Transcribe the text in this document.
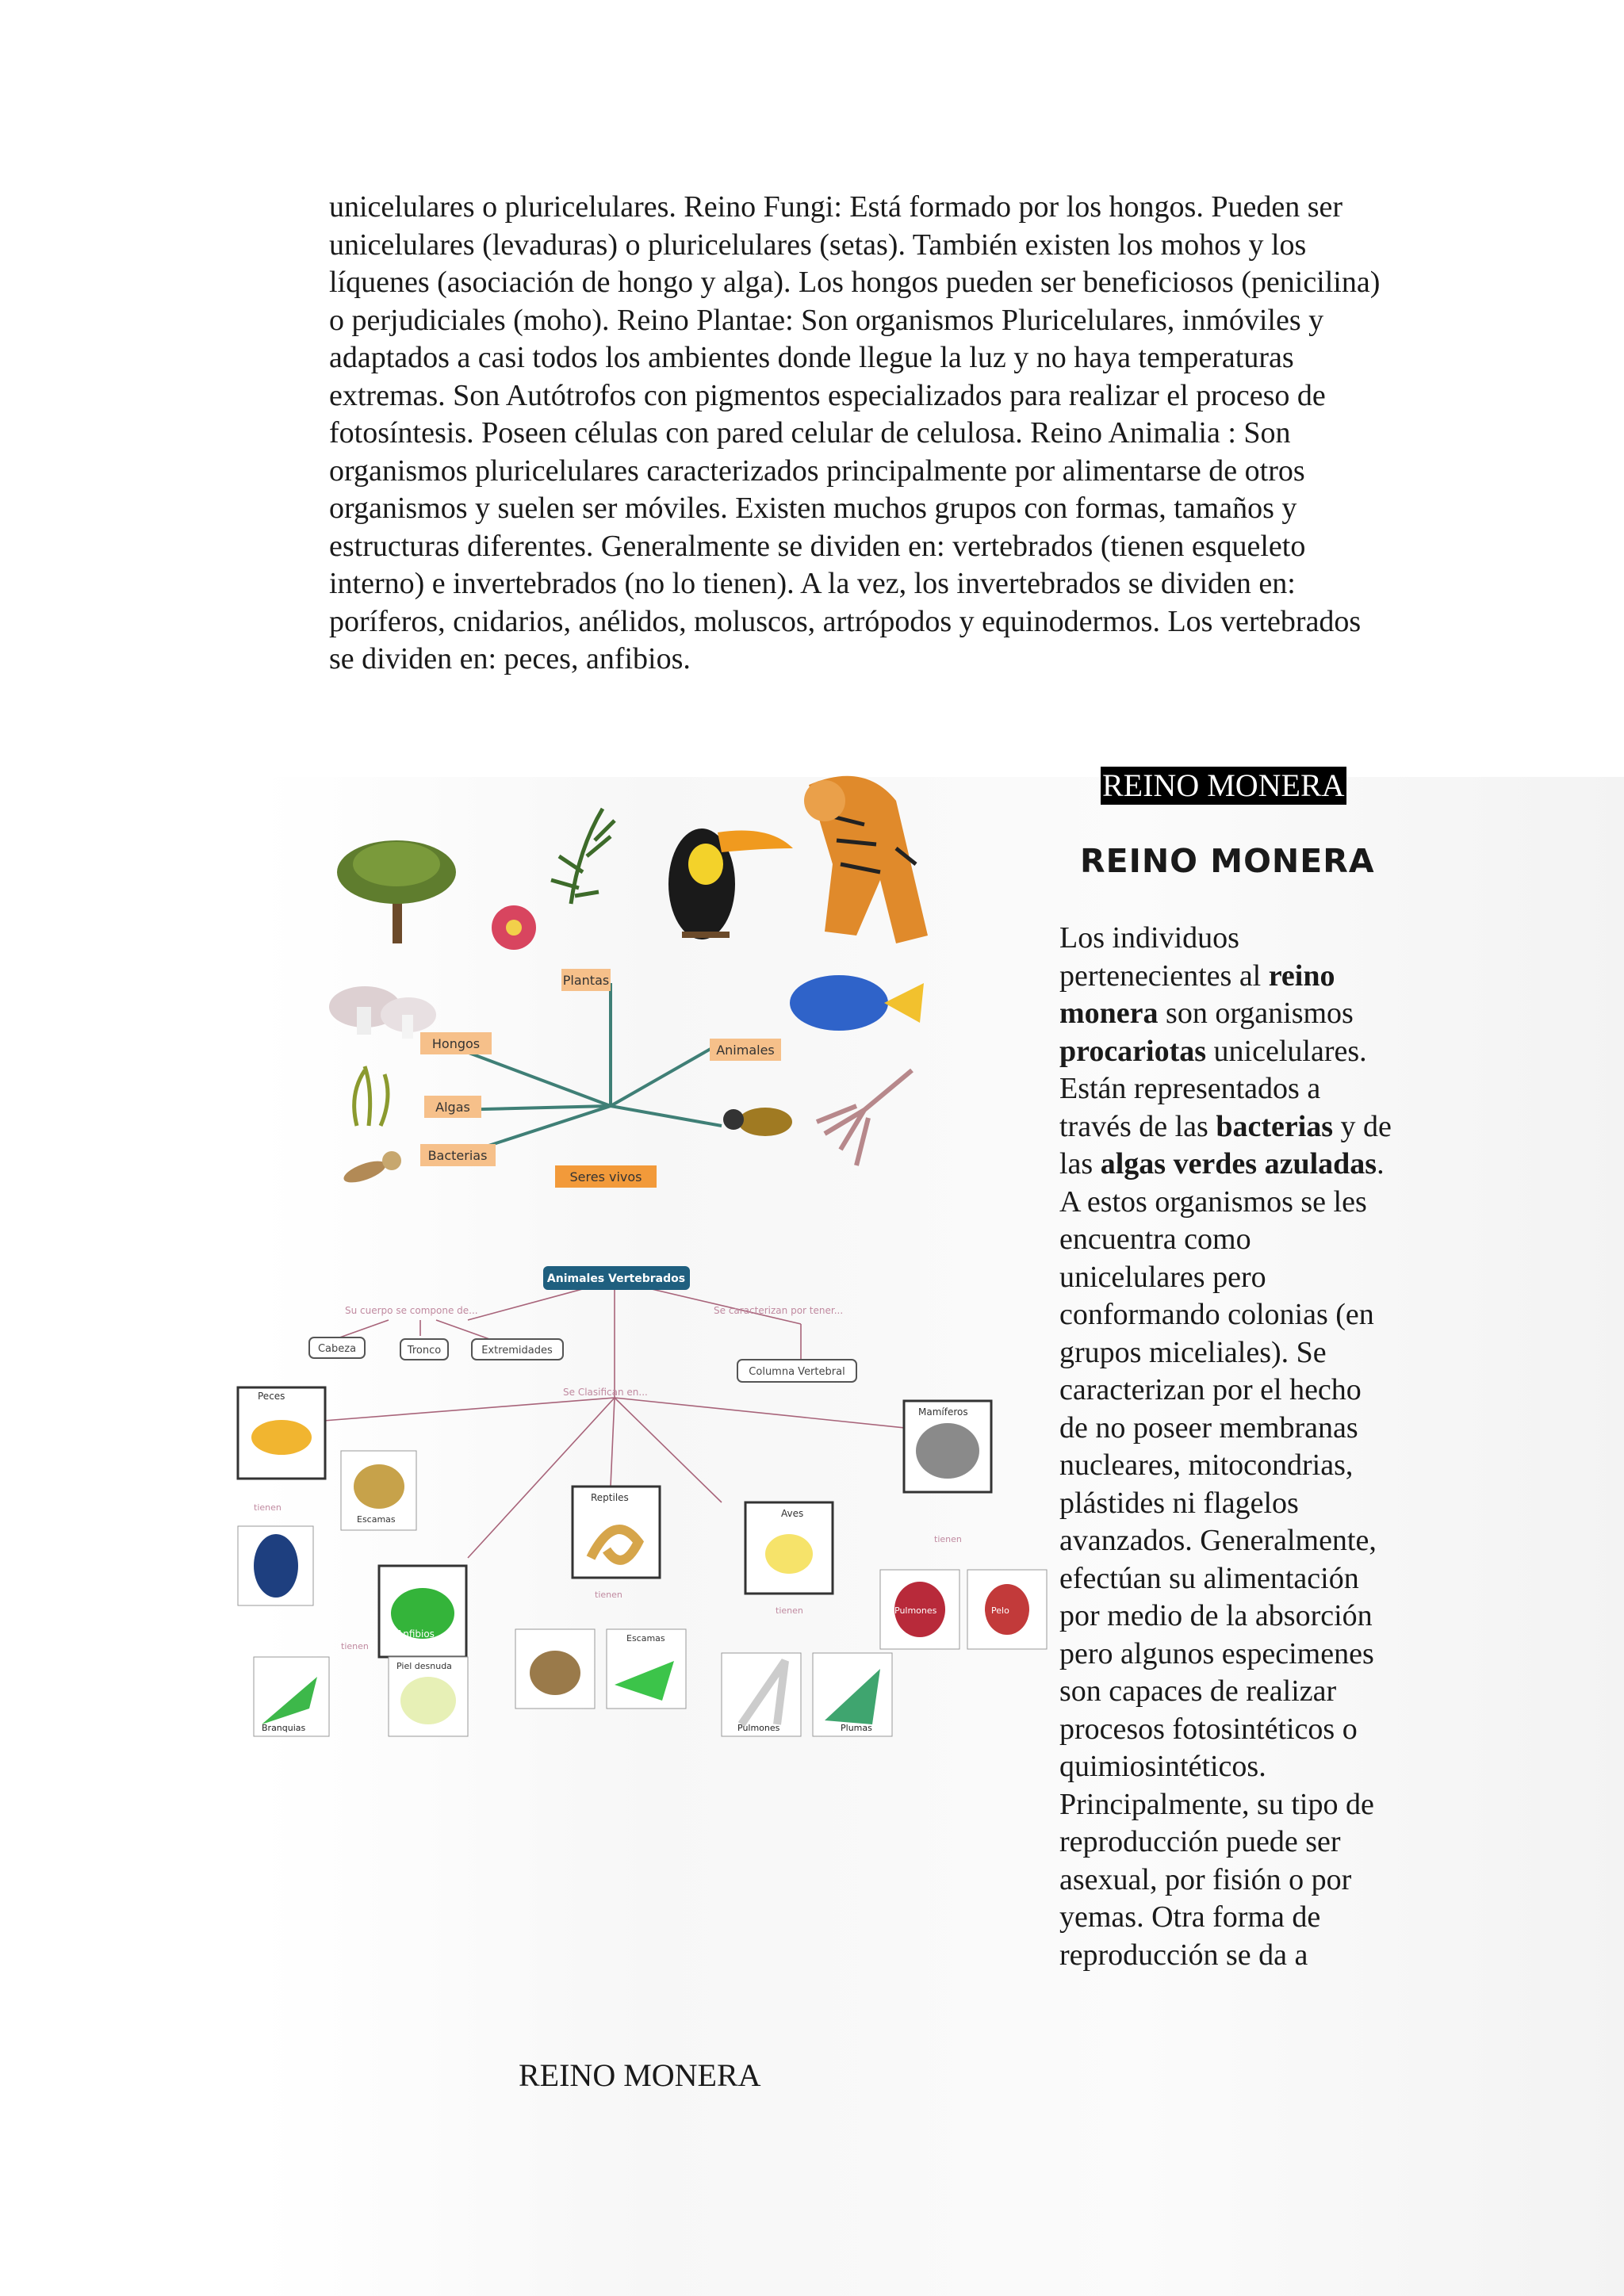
unicelulares o pluricelulares. Reino Fungi: Está formado por los hongos. Pueden ser unicelulares (levaduras) o pluricelulares (setas). También existen los mohos y los líquenes (asociación de hongo y alga). Los hongos pueden ser beneficiosos (penicilina) o perjudiciales (moho). Reino Plantae: Son organismos Pluricelulares, inmóviles y adaptados a casi todos los ambientes donde llegue la luz y no haya temperaturas extremas. Son Autótrofos con pigmentos especializados para realizar el proceso de fotosíntesis. Poseen células con pared celular de celulosa. Reino Animalia : Son organismos pluricelulares caracterizados principalmente por alimentarse de otros organismos y suelen ser móviles. Existen muchos grupos con formas, tamaños y estructuras diferentes. Generalmente se dividen en: vertebrados (tienen esqueleto interno) e invertebrados (no lo tienen). A la vez, los invertebrados se dividen en: poríferos, cnidarios, anélidos, moluscos, artrópodos y equinodermos. Los vertebrados se dividen en: peces, anfibios.

Plantas
Hongos
Algas
Bacterias
Animales
Seres vivos
Animales Vertebrados
Su cuerpo se compone de...	Se caracterizan por tener...
Cabeza	Tronco	Extremidades
Columna Vertebral
Se Clasifican en...
Peces
Anfibios
Reptiles
Aves
Mamíferos
Escamas
Branquias
Piel desnuda
Escamas
Pulmones	Plumas
Pulmones	Pelo
tienen
tienen
tienen
tienen
tienen
REINO MONERA
REINO MONERA

Los individuos pertenecientes al reino monera son organismos procariotas unicelulares. Están representados a través de las bacterias y de las algas verdes azuladas. A estos organismos se les encuentra como unicelulares pero conformando colonias (en grupos miceliales). Se caracterizan por el hecho de no poseer membranas nucleares, mitocondrias, plástides ni flagelos avanzados. Generalmente, efectúan su alimentación por medio de la absorción pero algunos especimenes son capaces de realizar procesos fotosintéticos o quimiosintéticos. Principalmente, su tipo de reproducción puede ser asexual, por fisión o por yemas. Otra forma de reproducción se da a

REINO MONERA
